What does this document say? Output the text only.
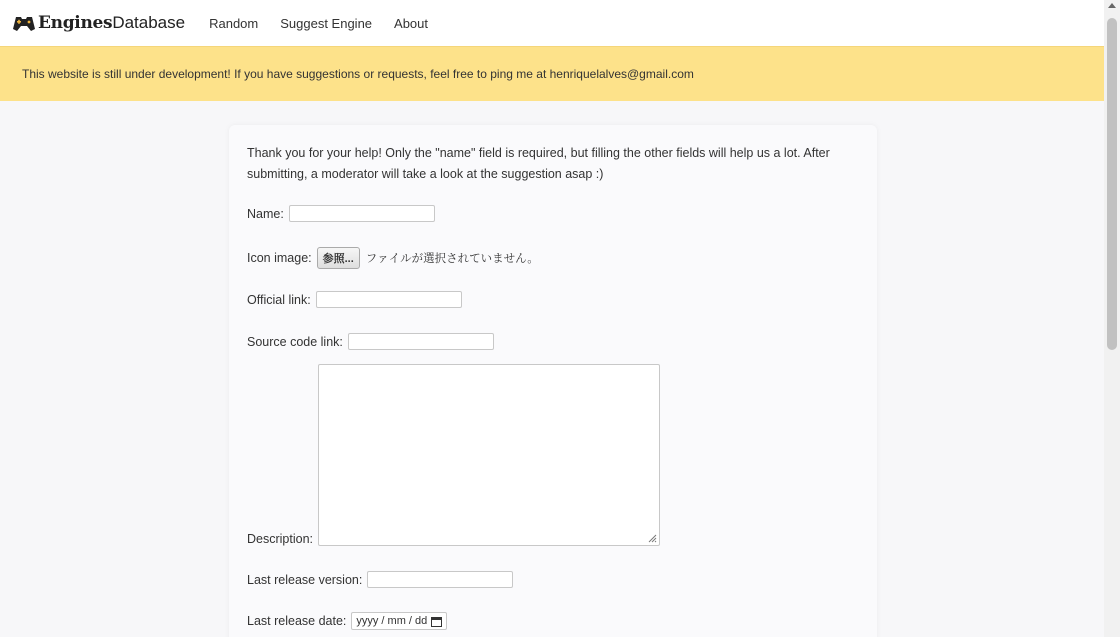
Engines Database Random Suggest Engine About
This website is still under development! If you have suggestions or requests, feel free to ping me at henriquelalves@gmail.com

Thank you for your help! Only the "name" field is required, but filling the other fields will help us a lot. After submitting, a moderator will take a look at the suggestion asap :)

Name:
Icon image:	参照...	ファイルが選択されていません。
Official link:
Source code link:
Description:
Last release version:
Last release date: yyyy / mm / dd
